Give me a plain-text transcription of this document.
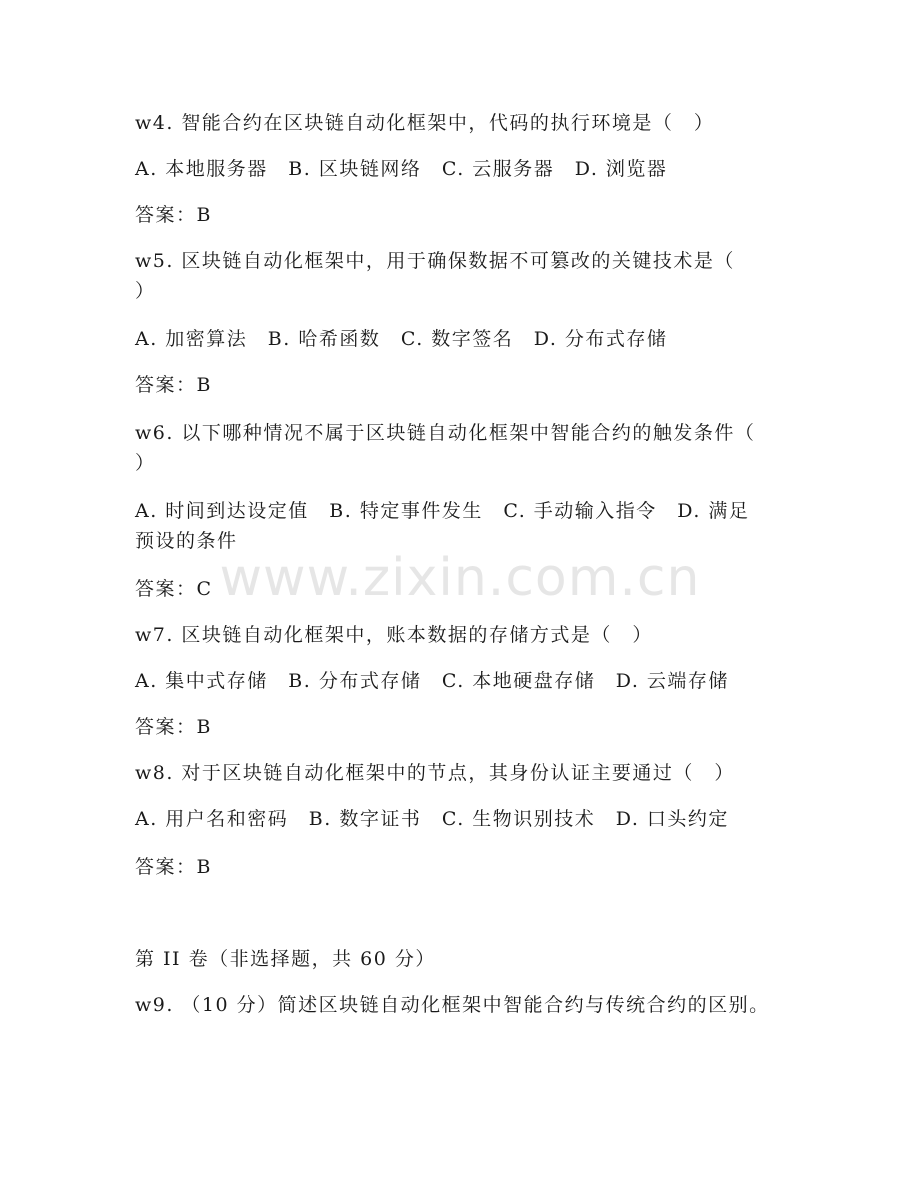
www.zixin.com.cn
w4. 智能合约在区块链自动化框架中，代码的执行环境是（　）
A. 本地服务器　B. 区块链网络　C. 云服务器　D. 浏览器
答案：B
w5. 区块链自动化框架中，用于确保数据不可篡改的关键技术是（
）
A. 加密算法　B. 哈希函数　C. 数字签名　D. 分布式存储
答案：B
w6. 以下哪种情况不属于区块链自动化框架中智能合约的触发条件（
）
A. 时间到达设定值　B. 特定事件发生　C. 手动输入指令　D. 满足
预设的条件
答案：C
w7. 区块链自动化框架中，账本数据的存储方式是（　）
A. 集中式存储　B. 分布式存储　C. 本地硬盘存储　D. 云端存储
答案：B
w8. 对于区块链自动化框架中的节点，其身份认证主要通过（　）
A. 用户名和密码　B. 数字证书　C. 生物识别技术　D. 口头约定
答案：B
第 II 卷（非选择题，共 60 分）
w9. （10 分）简述区块链自动化框架中智能合约与传统合约的区别。
